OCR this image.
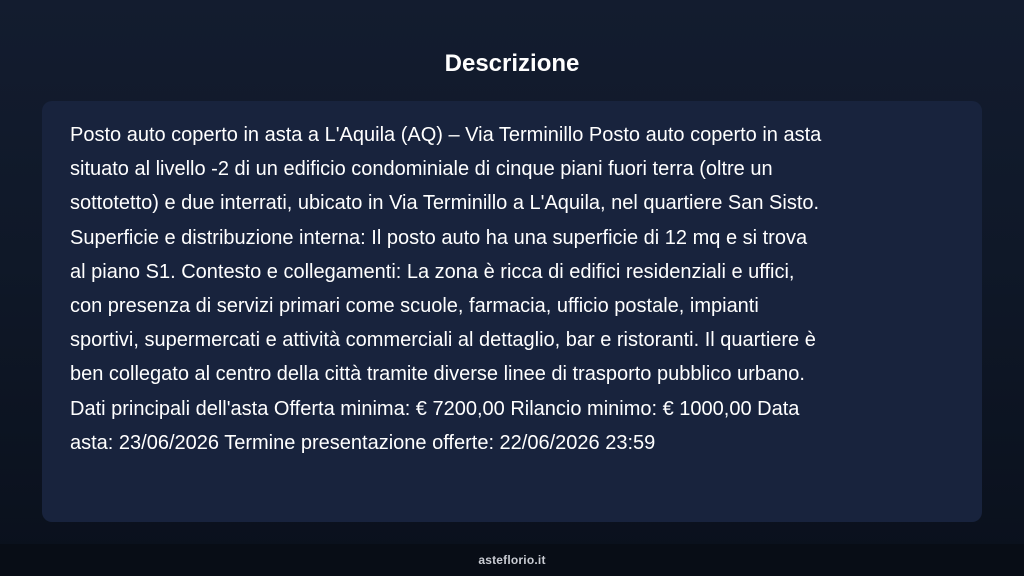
Descrizione

Posto auto coperto in asta a L'Aquila (AQ) – Via Terminillo Posto auto coperto in asta
situato al livello -2 di un edificio condominiale di cinque piani fuori terra (oltre un
sottotetto) e due interrati, ubicato in Via Terminillo a L'Aquila, nel quartiere San Sisto.
Superficie e distribuzione interna: Il posto auto ha una superficie di 12 mq e si trova
al piano S1. Contesto e collegamenti: La zona è ricca di edifici residenziali e uffici,
con presenza di servizi primari come scuole, farmacia, ufficio postale, impianti
sportivi, supermercati e attività commerciali al dettaglio, bar e ristoranti. Il quartiere è
ben collegato al centro della città tramite diverse linee di trasporto pubblico urbano.
Dati principali dell'asta Offerta minima: € 7200,00 Rilancio minimo: € 1000,00 Data
asta: 23/06/2026 Termine presentazione offerte: 22/06/2026 23:59

asteflorio.it
